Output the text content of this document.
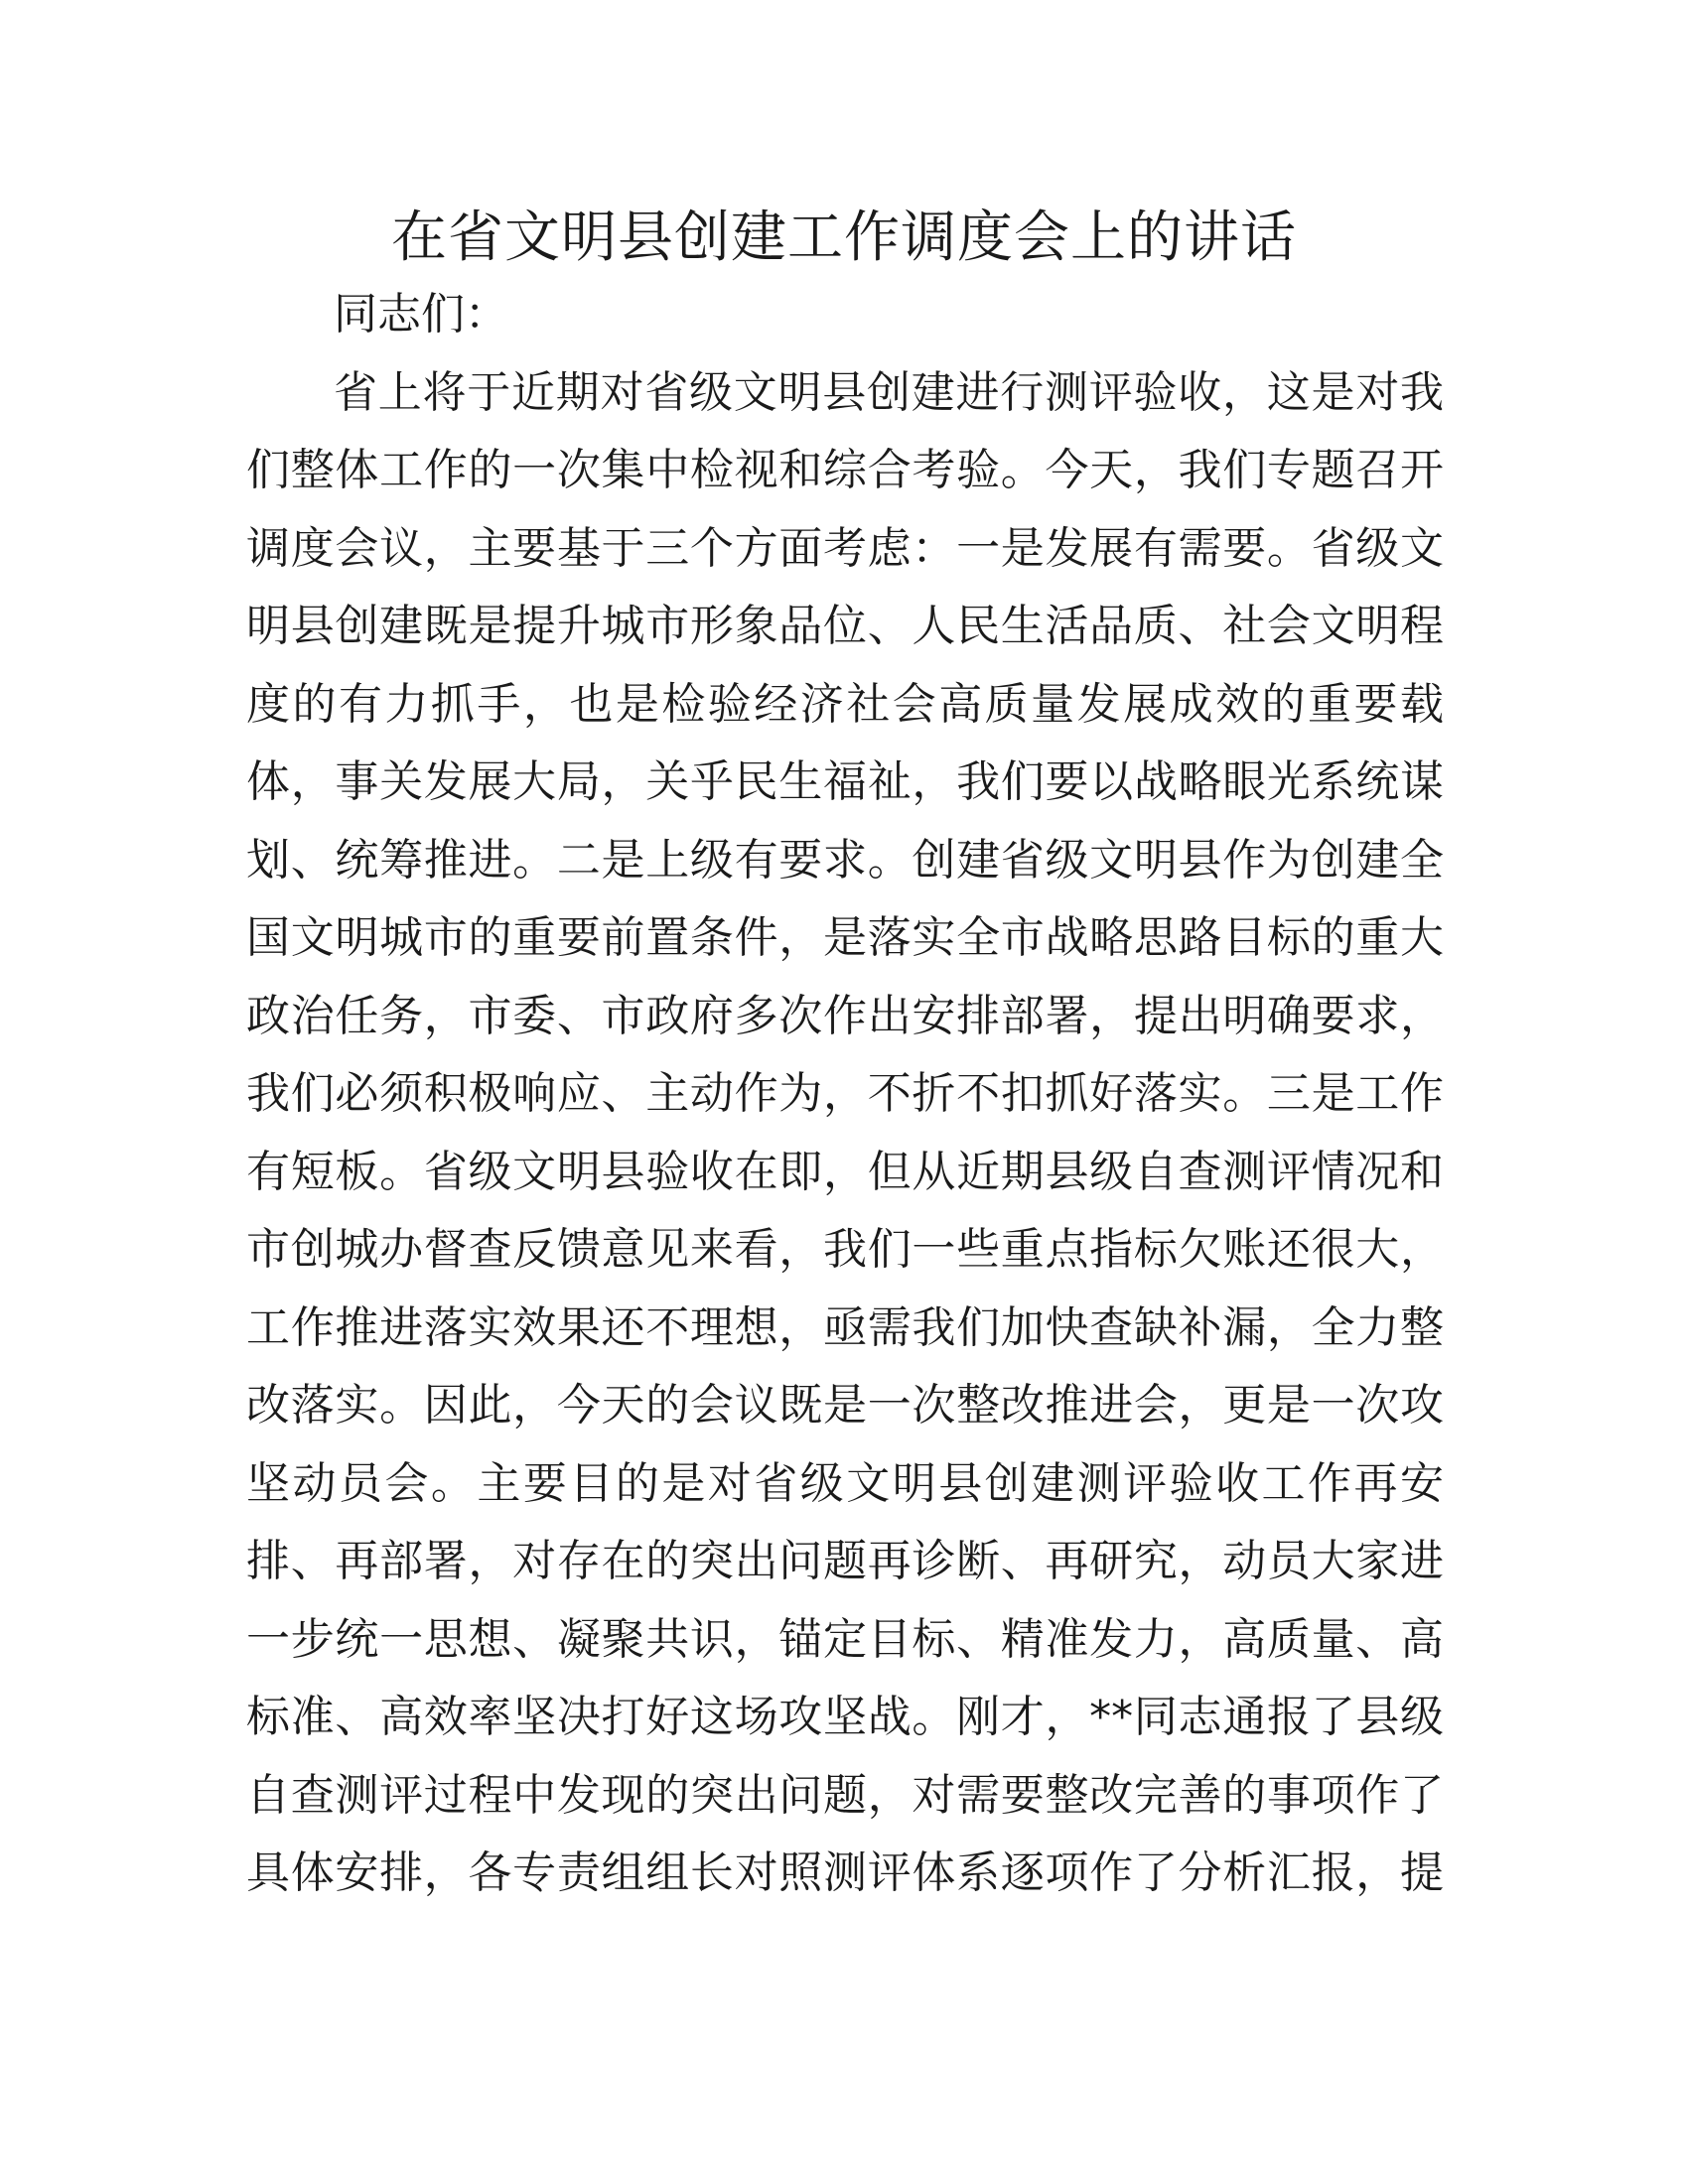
在省文明县创建工作调度会上的讲话
同志们：
省上将于近期对省级文明县创建进行测评验收，这是对我
们整体工作的一次集中检视和综合考验。今天，我们专题召开
调度会议，主要基于三个方面考虑：一是发展有需要。省级文
明县创建既是提升城市形象品位、人民生活品质、社会文明程
度的有力抓手，也是检验经济社会高质量发展成效的重要载
体，事关发展大局，关乎民生福祉，我们要以战略眼光系统谋
划、统筹推进。二是上级有要求。创建省级文明县作为创建全
国文明城市的重要前置条件，是落实全市战略思路目标的重大
政治任务，市委、市政府多次作出安排部署，提出明确要求，
我们必须积极响应、主动作为，不折不扣抓好落实。三是工作
有短板。省级文明县验收在即，但从近期县级自查测评情况和
市创城办督查反馈意见来看，我们一些重点指标欠账还很大，
工作推进落实效果还不理想，亟需我们加快查缺补漏，全力整
改落实。因此，今天的会议既是一次整改推进会，更是一次攻
坚动员会。主要目的是对省级文明县创建测评验收工作再安
排、再部署，对存在的突出问题再诊断、再研究，动员大家进
一步统一思想、凝聚共识，锚定目标、精准发力，高质量、高
标准、高效率坚决打好这场攻坚战。刚才，**同志通报了县级
自查测评过程中发现的突出问题，对需要整改完善的事项作了
具体安排，各专责组组长对照测评体系逐项作了分析汇报，提
